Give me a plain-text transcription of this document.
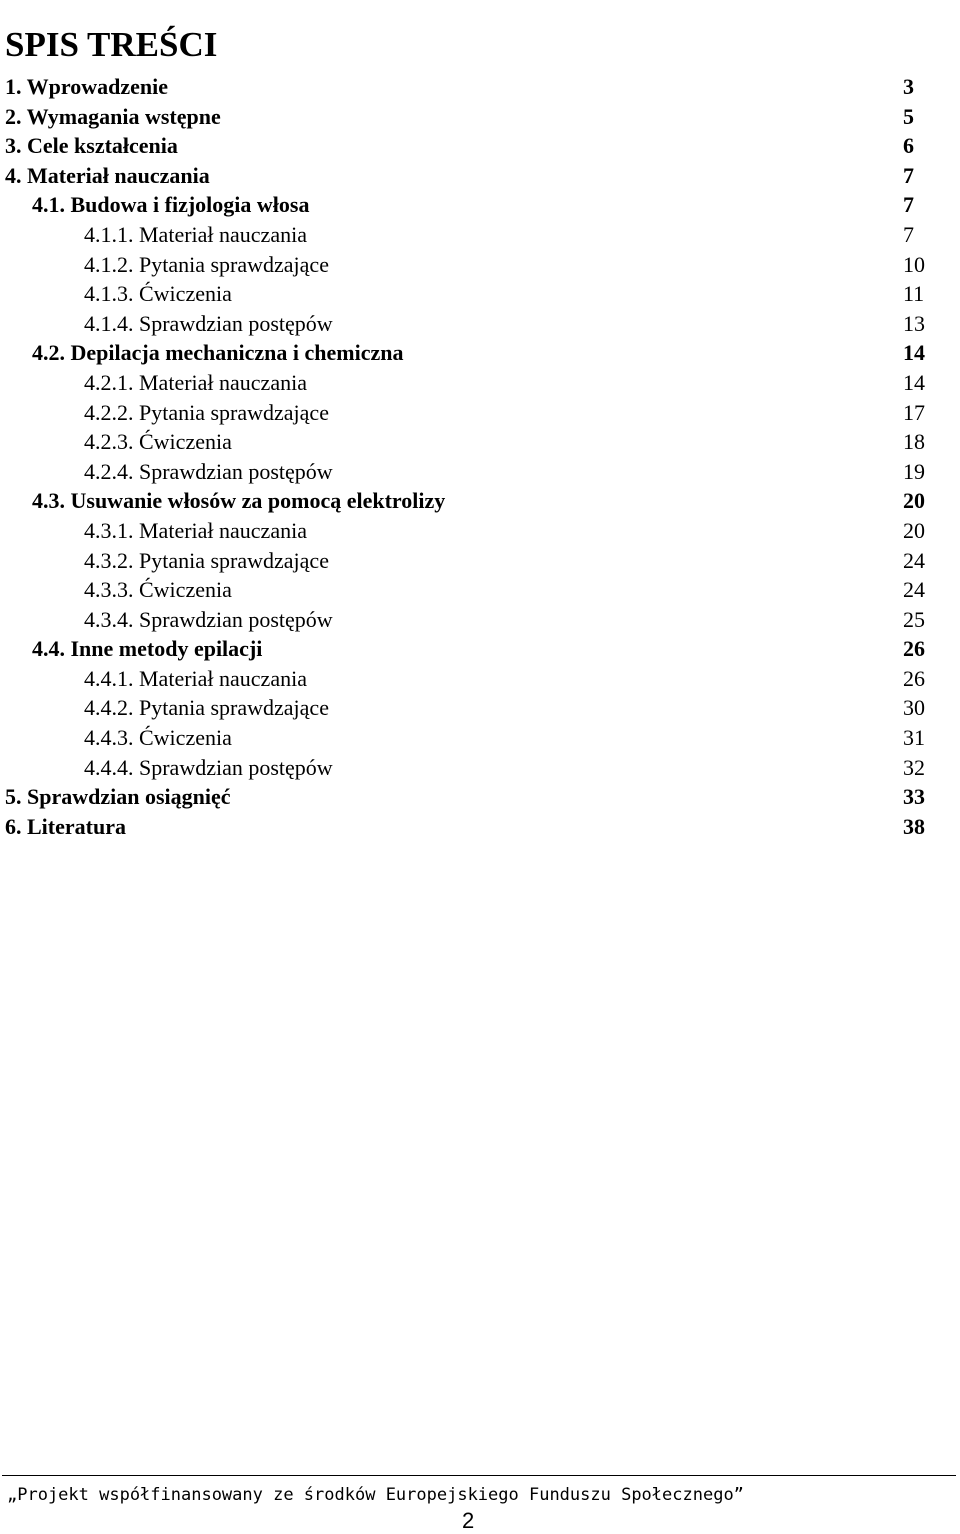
SPIS TREŚCI
1. Wprowadzenie	3
2. Wymagania wstępne	5
3. Cele kształcenia	6
4. Materiał nauczania	7
4.1. Budowa i fizjologia włosa	7
4.1.1. Materiał nauczania	7
4.1.2. Pytania sprawdzające	10
4.1.3. Ćwiczenia	11
4.1.4. Sprawdzian postępów	13
4.2. Depilacja mechaniczna i chemiczna	14
4.2.1. Materiał nauczania	14
4.2.2. Pytania sprawdzające	17
4.2.3. Ćwiczenia	18
4.2.4. Sprawdzian postępów	19
4.3. Usuwanie włosów za pomocą elektrolizy	20
4.3.1. Materiał nauczania	20
4.3.2. Pytania sprawdzające	24
4.3.3. Ćwiczenia	24
4.3.4. Sprawdzian postępów	25
4.4. Inne metody epilacji	26
4.4.1. Materiał nauczania	26
4.4.2. Pytania sprawdzające	30
4.4.3. Ćwiczenia	31
4.4.4. Sprawdzian postępów	32
5. Sprawdzian osiągnięć	33
6. Literatura	38
„Projekt współfinansowany ze środków Europejskiego Funduszu Społecznego”
2
